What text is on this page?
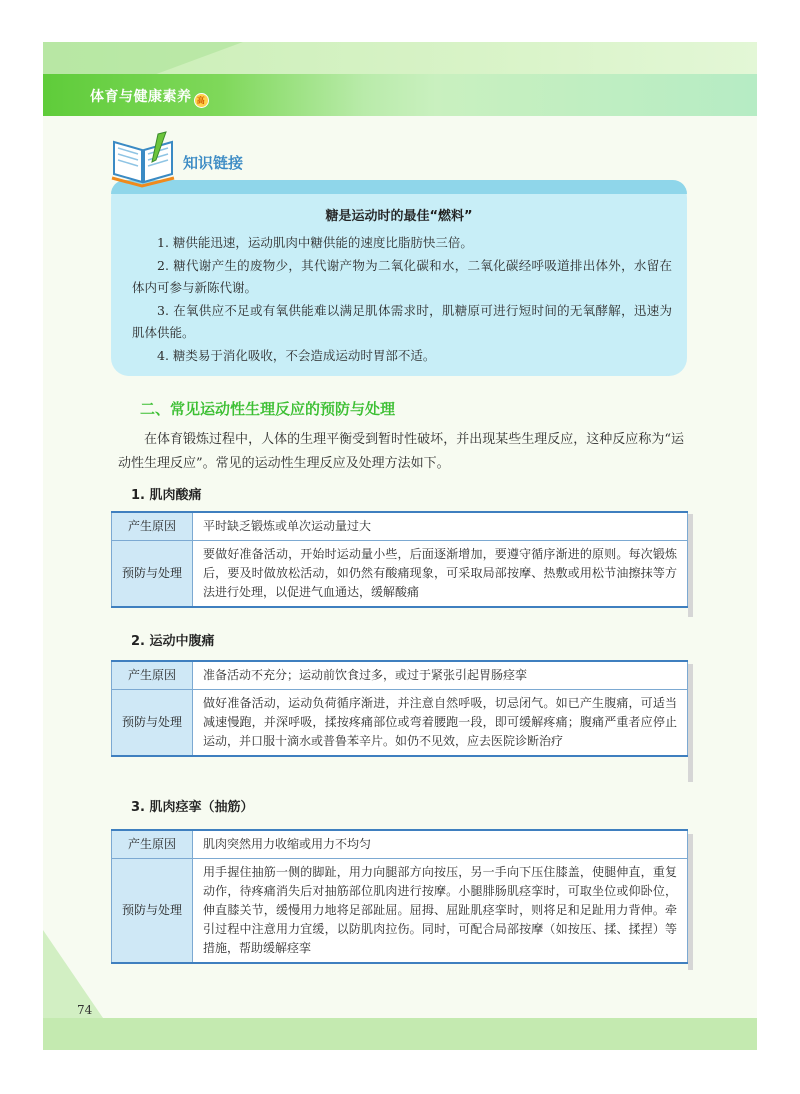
体育与健康素养 高
知识链接
糖是运动时的最佳“燃料”

1. 糖供能迅速，运动肌肉中糖供能的速度比脂肪快三倍。

2. 糖代谢产生的废物少，其代谢产物为二氧化碳和水，二氧化碳经呼吸道排出体外，水留在体内可参与新陈代谢。

3. 在氧供应不足或有氧供能难以满足肌体需求时，肌糖原可进行短时间的无氧酵解，迅速为肌体供能。

4. 糖类易于消化吸收，不会造成运动时胃部不适。

二、常见运动性生理反应的预防与处理

在体育锻炼过程中，人体的生理平衡受到暂时性破坏，并出现某些生理反应，这种反应称为“运动性生理反应”。常见的运动性生理反应及处理方法如下。

1. 肌肉酸痛
产生原因	平时缺乏锻炼或单次运动量过大
预防与处理	要做好准备活动，开始时运动量小些，后面逐渐增加，要遵守循序渐进的原则。每次锻炼后，要及时做放松活动，如仍然有酸痛现象，可采取局部按摩、热敷或用松节油擦抹等方法进行处理，以促进气血通达，缓解酸痛
2. 运动中腹痛
产生原因	准备活动不充分；运动前饮食过多，或过于紧张引起胃肠痉挛
预防与处理	做好准备活动，运动负荷循序渐进，并注意自然呼吸，切忌闭气。如已产生腹痛，可适当减速慢跑，并深呼吸，揉按疼痛部位或弯着腰跑一段，即可缓解疼痛；腹痛严重者应停止运动，并口服十滴水或普鲁苯辛片。如仍不见效，应去医院诊断治疗
3. 肌肉痉挛（抽筋）
产生原因	肌肉突然用力收缩或用力不均匀
预防与处理	用手握住抽筋一侧的脚趾，用力向腿部方向按压，另一手向下压住膝盖，使腿伸直，重复动作，待疼痛消失后对抽筋部位肌肉进行按摩。小腿腓肠肌痉挛时，可取坐位或仰卧位，伸直膝关节，缓慢用力地将足部趾屈。屈拇、屈趾肌痉挛时，则将足和足趾用力背伸。牵引过程中注意用力宜缓，以防肌肉拉伤。同时，可配合局部按摩（如按压、揉、揉捏）等措施，帮助缓解痉挛
74
